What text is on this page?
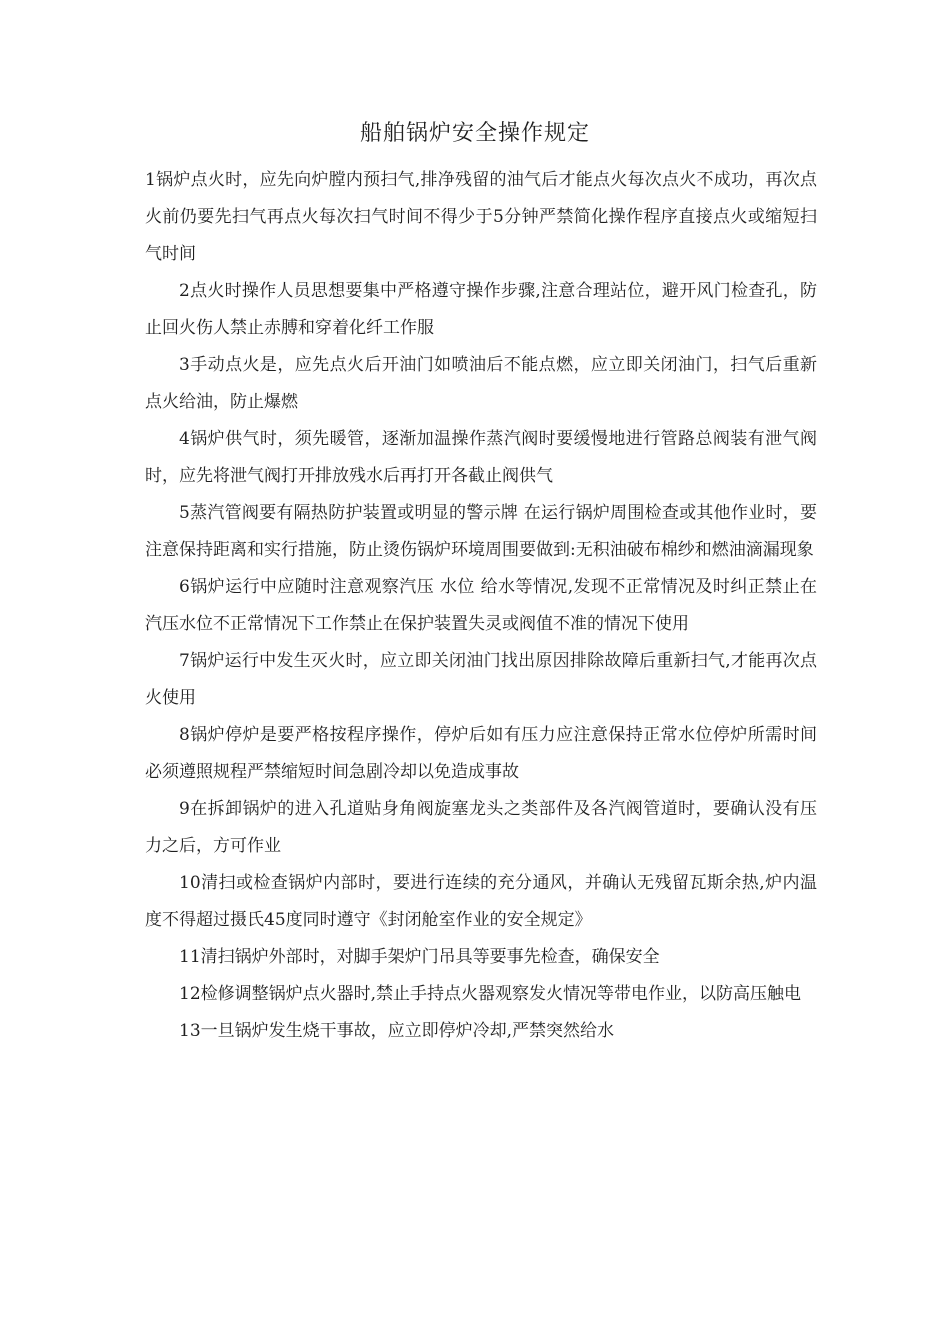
船舶锅炉安全操作规定

1锅炉点火时，应先向炉膛内预扫气,排净残留的油气后才能点火每次点火不成功，再次点火前仍要先扫气再点火每次扫气时间不得少于5分钟严禁简化操作程序直接点火或缩短扫气时间

2点火时操作人员思想要集中严格遵守操作步骤,注意合理站位，避开风门检查孔，防止回火伤人禁止赤膊和穿着化纤工作服

3手动点火是，应先点火后开油门如喷油后不能点燃，应立即关闭油门，扫气后重新点火给油，防止爆燃

4锅炉供气时，须先暖管，逐渐加温操作蒸汽阀时要缓慢地进行管路总阀装有泄气阀时，应先将泄气阀打开排放残水后再打开各截止阀供气

5蒸汽管阀要有隔热防护装置或明显的警示牌 在运行锅炉周围检查或其他作业时，要注意保持距离和实行措施，防止烫伤锅炉环境周围要做到:无积油破布棉纱和燃油滴漏现象

6锅炉运行中应随时注意观察汽压 水位 给水等情况,发现不正常情况及时纠正禁止在汽压水位不正常情况下工作禁止在保护装置失灵或阀值不准的情况下使用

7锅炉运行中发生灭火时，应立即关闭油门找出原因排除故障后重新扫气,才能再次点火使用

8锅炉停炉是要严格按程序操作，停炉后如有压力应注意保持正常水位停炉所需时间必须遵照规程严禁缩短时间急剧冷却以免造成事故

9在拆卸锅炉的进入孔道贴身角阀旋塞龙头之类部件及各汽阀管道时，要确认没有压力之后，方可作业

10清扫或检查锅炉内部时，要进行连续的充分通风，并确认无残留瓦斯余热,炉内温度不得超过摄氏45度同时遵守《封闭舱室作业的安全规定》

11清扫锅炉外部时，对脚手架炉门吊具等要事先检查，确保安全

12检修调整锅炉点火器时,禁止手持点火器观察发火情况等带电作业，以防高压触电

13一旦锅炉发生烧干事故，应立即停炉冷却,严禁突然给水
